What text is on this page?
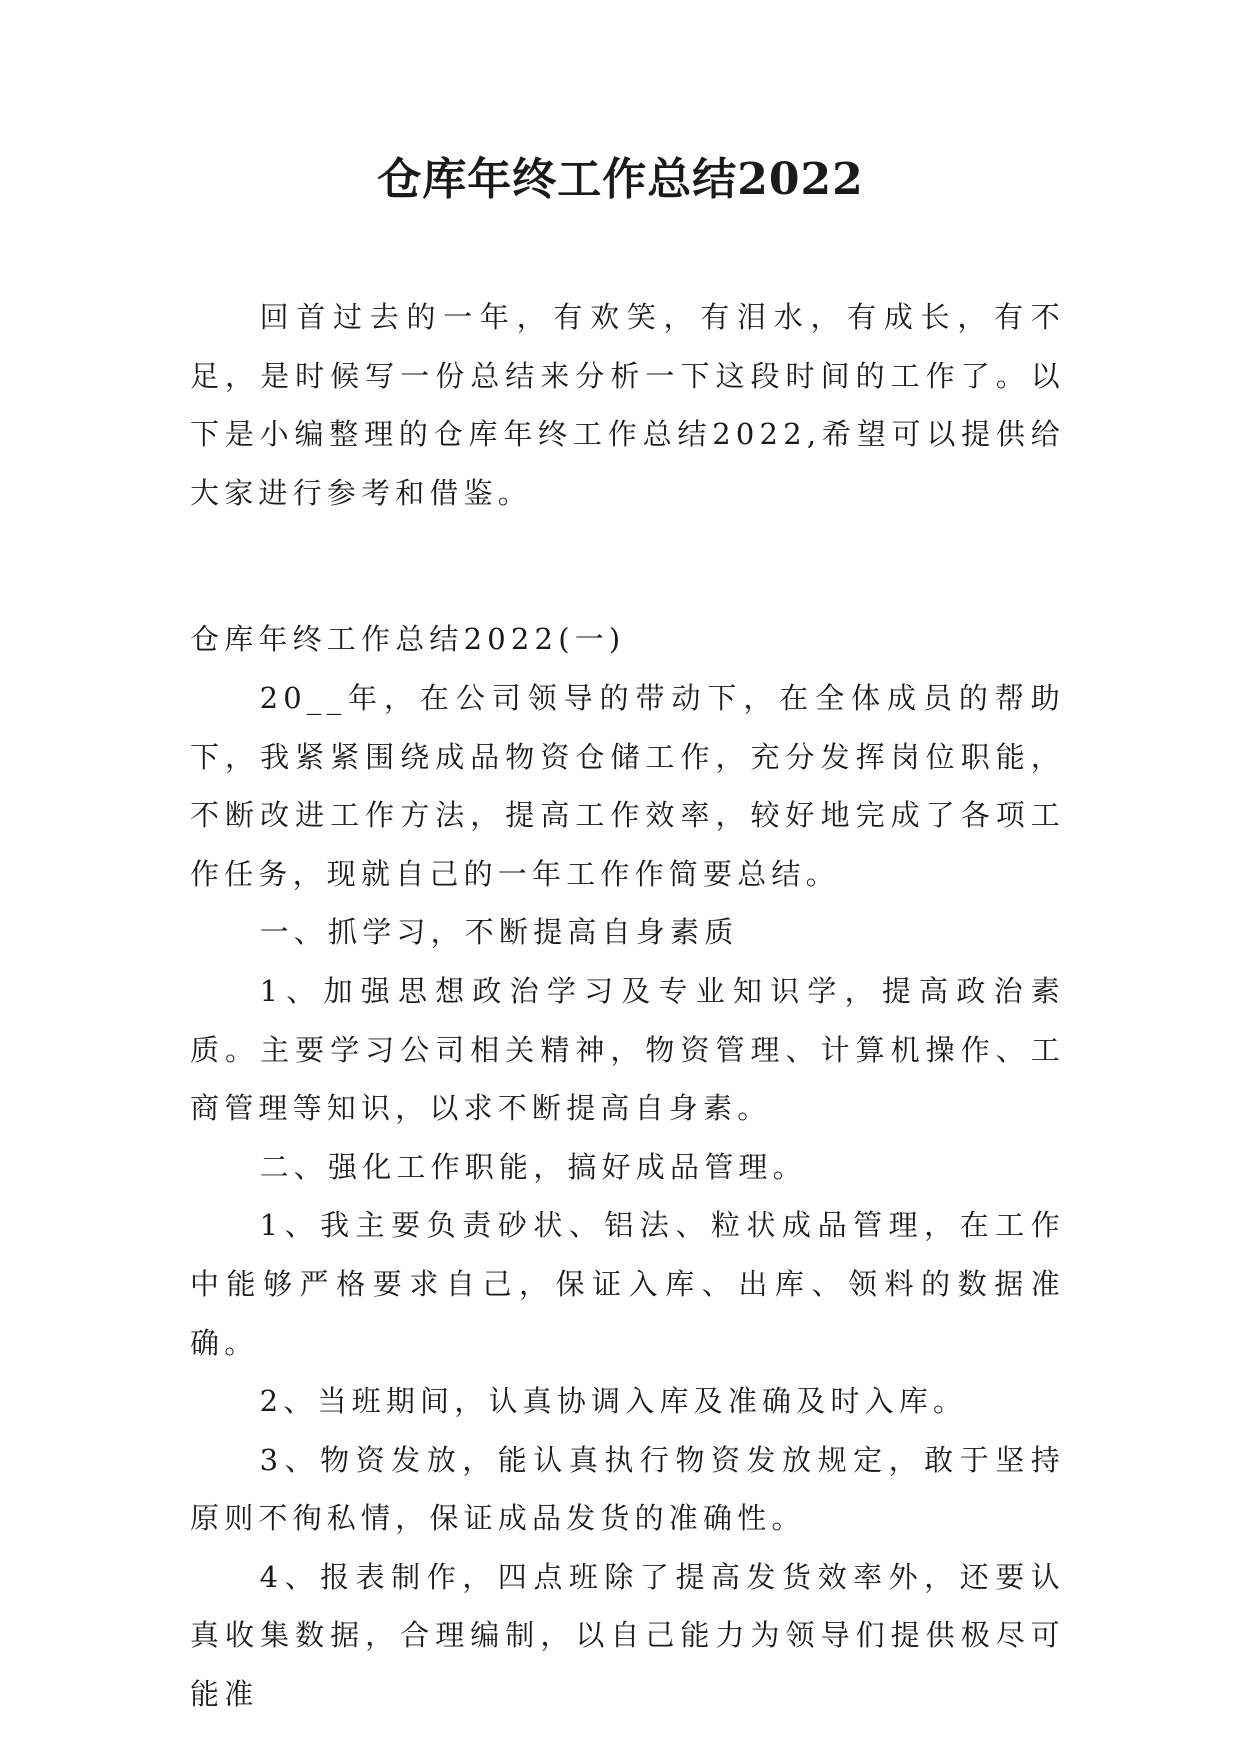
仓库年终工作总结2022

回首过去的一年，有欢笑，有泪水，有成长，有不足，是时候写一份总结来分析一下这段时间的工作了。以下是小编整理的仓库年终工作总结2022,希望可以提供给大家进行参考和借鉴。

仓库年终工作总结2022(一)

20__年，在公司领导的带动下，在全体成员的帮助下，我紧紧围绕成品物资仓储工作，充分发挥岗位职能，不断改进工作方法，提高工作效率，较好地完成了各项工作任务，现就自己的一年工作作简要总结。

一、抓学习，不断提高自身素质

1、加强思想政治学习及专业知识学，提高政治素质。主要学习公司相关精神，物资管理、计算机操作、工商管理等知识，以求不断提高自身素。

二、强化工作职能，搞好成品管理。

1、我主要负责砂状、铝法、粒状成品管理，在工作中能够严格要求自己，保证入库、出库、领料的数据准确。

2、当班期间，认真协调入库及准确及时入库。

3、物资发放，能认真执行物资发放规定，敢于坚持原则不徇私情，保证成品发货的准确性。

4、报表制作，四点班除了提高发货效率外，还要认真收集数据，合理编制，以自己能力为领导们提供极尽可能准
